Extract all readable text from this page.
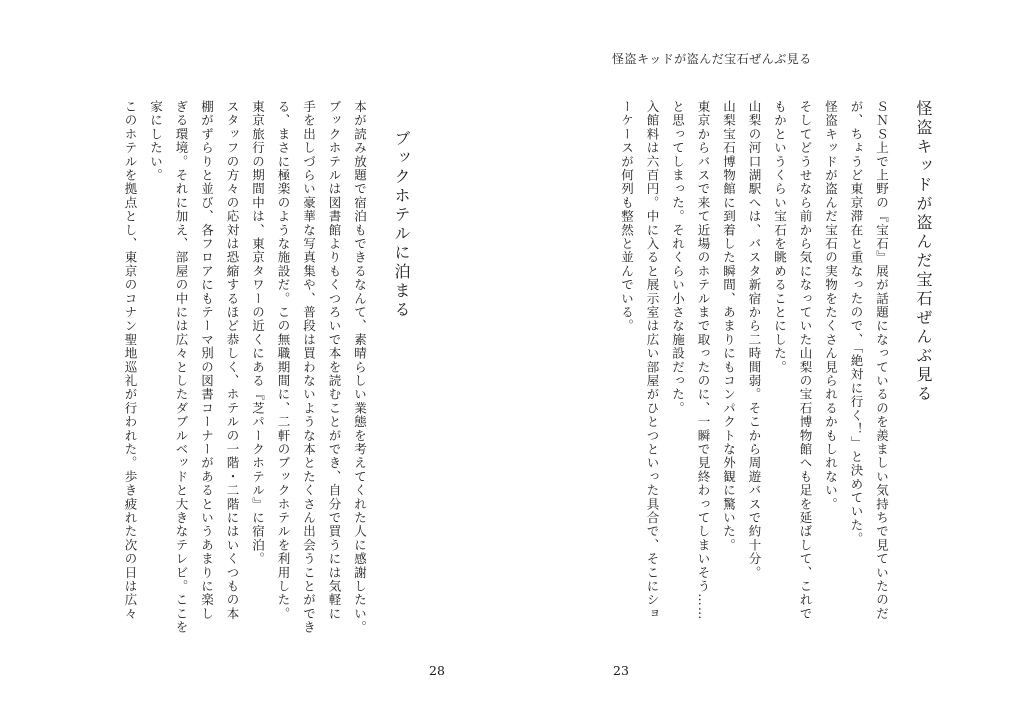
怪盗キッドが盗んだ宝石ぜんぶ見る

怪盗キッドが盗んだ宝石ぜんぶ見る

ＳＮＳ上で上野の『宝石』展が話題になっているのを羨ましい気持ちで見ていたのだ

が、ちょうど東京滞在と重なったので、「絶対に行く！」と決めていた。

怪盗キッドが盗んだ宝石の実物をたくさん見られるかもしれない。

そしてどうせなら前から気になっていた山梨の宝石博物館へも足を延ばして、これで

もかというくらい宝石を眺めることにした。

山梨の河口湖駅へは、バスタ新宿から二時間弱。そこから周遊バスで約十分。

山梨宝石博物館に到着した瞬間、あまりにもコンパクトな外観に驚いた。

東京からバスで来て近場のホテルまで取ったのに、一瞬で見終わってしまいそう……

と思ってしまった。それくらい小さな施設だった。

入館料は六百円。中に入ると展示室は広い部屋がひとつといった具合で、そこにショ

ーケースが何列も整然と並んでいる。

ブックホテルに泊まる

本が読み放題で宿泊もできるなんて、素晴らしい業態を考えてくれた人に感謝したい。

ブックホテルは図書館よりもくつろいで本を読むことができ、自分で買うには気軽に

手を出しづらい豪華な写真集や、普段は買わないような本とたくさん出会うことができ

る、まさに極楽のような施設だ。この無職期間に、二軒のブックホテルを利用した。

東京旅行の期間中は、東京タワーの近くにある『芝パークホテル』に宿泊。

スタッフの方々の応対は恐縮するほど恭しく、ホテルの一階・二階にはいくつもの本

棚がずらりと並び、各フロアにもテーマ別の図書コーナーがあるというあまりに楽し

ぎる環境。それに加え、部屋の中には広々としたダブルベッドと大きなテレビ。ここを

家にしたい。

このホテルを拠点とし、東京のコナン聖地巡礼が行われた。歩き疲れた次の日は広々

28	23
